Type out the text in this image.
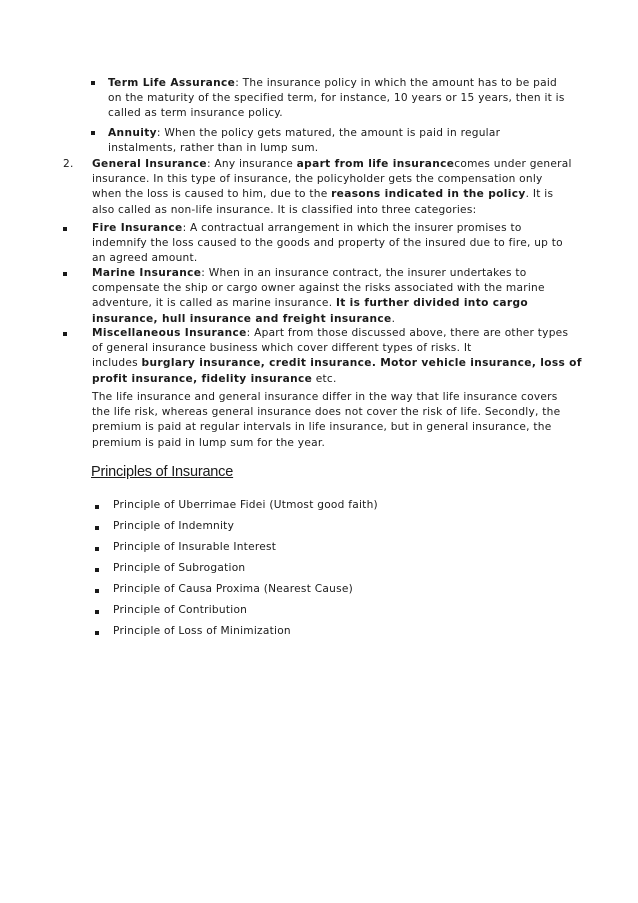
Term Life Assurance: The insurance policy in which the amount has to be paid

on the maturity of the specified term, for instance, 10 years or 15 years, then it is

called as term insurance policy.

Annuity: When the policy gets matured, the amount is paid in regular

instalments, rather than in lump sum.

2. General Insurance: Any insurance apart from life insurancecomes under general

insurance. In this type of insurance, the policyholder gets the compensation only

when the loss is caused to him, due to the reasons indicated in the policy. It is

also called as non-life insurance. It is classified into three categories:

Fire Insurance: A contractual arrangement in which the insurer promises to

indemnify the loss caused to the goods and property of the insured due to fire, up to

an agreed amount.

Marine Insurance: When in an insurance contract, the insurer undertakes to

compensate the ship or cargo owner against the risks associated with the marine

adventure, it is called as marine insurance. It is further divided into cargo

insurance, hull insurance and freight insurance.

Miscellaneous Insurance: Apart from those discussed above, there are other types

of general insurance business which cover different types of risks. It

includes burglary insurance, credit insurance. Motor vehicle insurance, loss of

profit insurance, fidelity insurance etc.

The life insurance and general insurance differ in the way that life insurance covers

the life risk, whereas general insurance does not cover the risk of life. Secondly, the

premium is paid at regular intervals in life insurance, but in general insurance, the

premium is paid in lump sum for the year.

Principles of Insurance
Principle of Uberrimae Fidei (Utmost good faith)
Principle of Indemnity
Principle of Insurable Interest
Principle of Subrogation
Principle of Causa Proxima (Nearest Cause)
Principle of Contribution
Principle of Loss of Minimization
